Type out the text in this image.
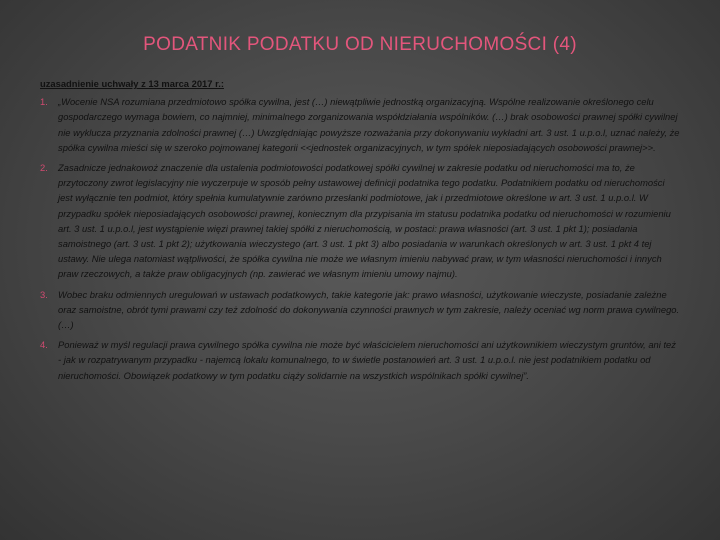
PODATNIK PODATKU OD NIERUCHOMOŚCI (4)

uzasadnienie uchwały z 13 marca 2017 r.:

1. „Wocenie NSA rozumiana przedmiotowo spółka cywilna, jest (…) niewątpliwie jednostką organizacyjną. Wspólne realizowanie określonego celu gospodarczego wymaga bowiem, co najmniej, minimalnego zorganizowania współdziałania wspólników. (…) brak osobowości prawnej spółki cywilnej nie wyklucza przyznania zdolności prawnej (…) Uwzględniając powyższe rozważania przy dokonywaniu wykładni art. 3 ust. 1 u.p.o.l, uznać należy, że spółka cywilna mieści się w szeroko pojmowanej kategorii <<jednostek organizacyjnych, w tym spółek nieposiadających osobowości prawnej>>.
2. Zasadnicze jednakowoż znaczenie dla ustalenia podmiotowości podatkowej spółki cywilnej w zakresie podatku od nieruchomości ma to, że przytoczony zwrot legislacyjny nie wyczerpuje w sposób pełny ustawowej definicji podatnika tego podatku. Podatnikiem podatku od nieruchomości jest wyłącznie ten podmiot, który spełnia kumulatywnie zarówno przesłanki podmiotowe, jak i przedmiotowe określone w art. 3 ust. 1 u.p.o.l. W przypadku spółek nieposiadających osobowości prawnej, koniecznym dla przypisania im statusu podatnika podatku od nieruchomości w rozumieniu art. 3 ust. 1 u.p.o.l, jest wystąpienie więzi prawnej takiej spółki z nieruchomością, w postaci: prawa własności (art. 3 ust. 1 pkt 1); posiadania samoistnego (art. 3 ust. 1 pkt 2); użytkowania wieczystego (art. 3 ust. 1 pkt 3) albo posiadania w warunkach określonych w art. 3 ust. 1 pkt 4 tej ustawy. Nie ulega natomiast wątpliwości, że spółka cywilna nie może we własnym imieniu nabywać praw, w tym własności nieruchomości i innych praw rzeczowych, a także praw obligacyjnych (np. zawierać we własnym imieniu umowy najmu).
3. Wobec braku odmiennych uregulowań w ustawach podatkowych, takie kategorie jak: prawo własności, użytkowanie wieczyste, posiadanie zależne oraz samoistne, obrót tymi prawami czy też zdolność do dokonywania czynności prawnych w tym zakresie, należy oceniać wg norm prawa cywilnego. (…)
4. Ponieważ w myśl regulacji prawa cywilnego spółka cywilna nie może być właścicielem nieruchomości ani użytkownikiem wieczystym gruntów, ani też - jak w rozpatrywanym przypadku - najemcą lokalu komunalnego, to w świetle postanowień art. 3 ust. 1 u.p.o.l. nie jest podatnikiem podatku od nieruchomości. Obowiązek podatkowy w tym podatku ciąży solidarnie na wszystkich wspólnikach spółki cywilnej”.
